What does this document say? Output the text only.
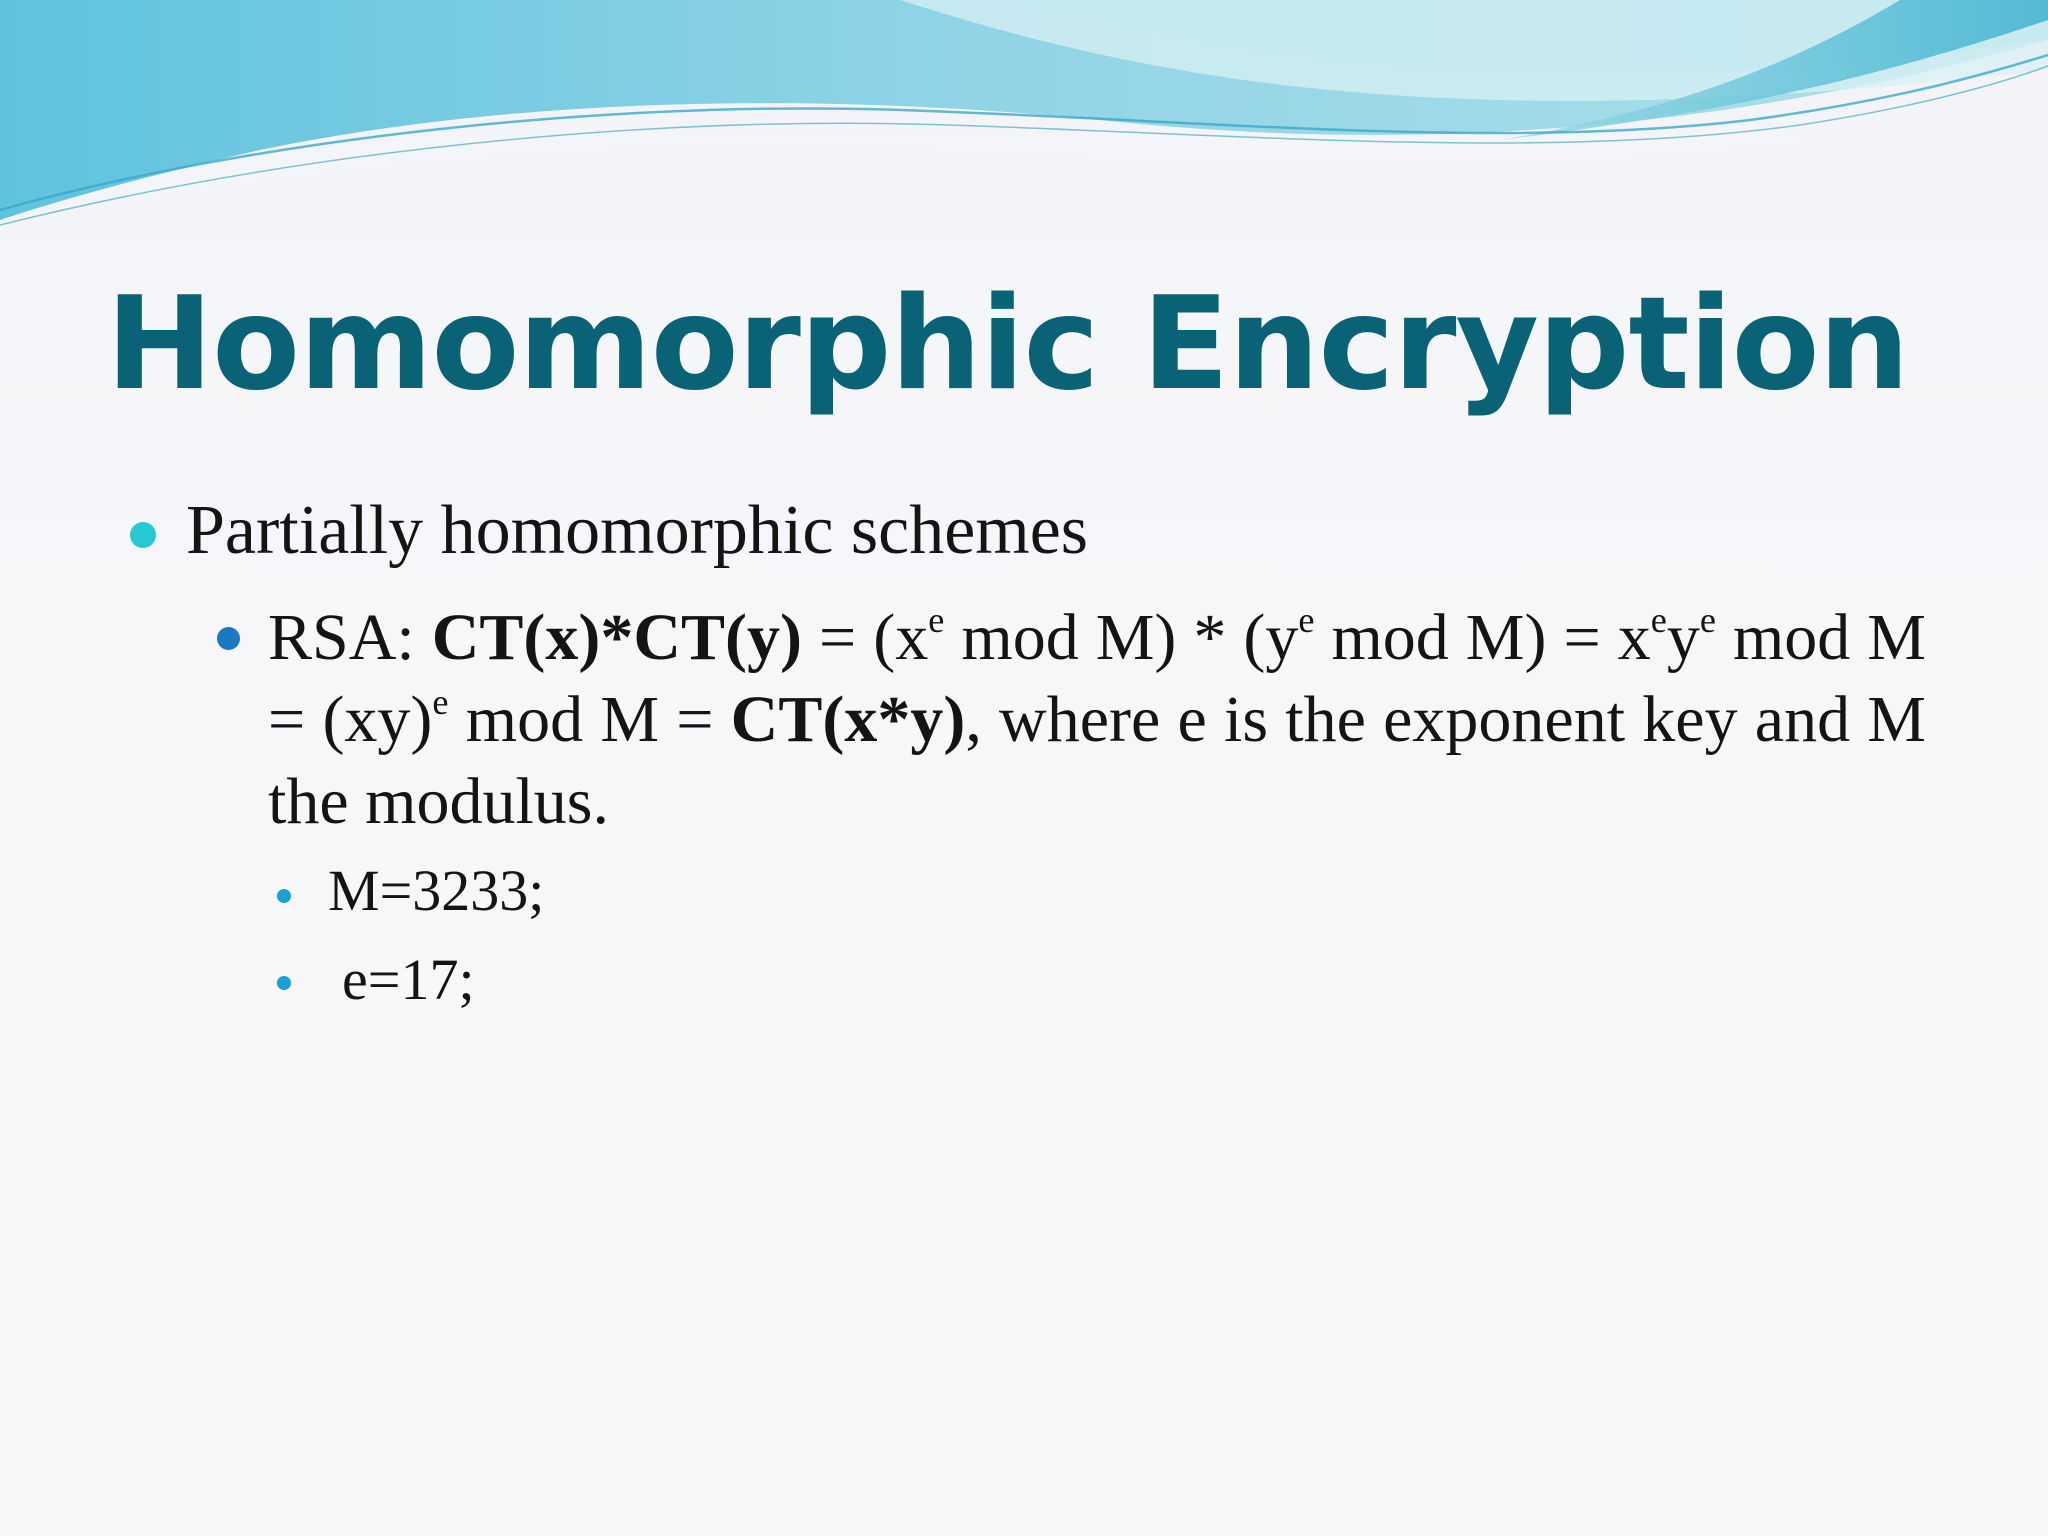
Homomorphic Encryption
Partially homomorphic schemes
RSA: $CT(x)*CT(y) = (x^e$ mod $M) * (y^e$ mod $M) = x^ey^e$ mod M = (xy)$^e$ mod M = CT(x*y), where e is the exponent key and M the modulus.
M=3233;
e=17;
